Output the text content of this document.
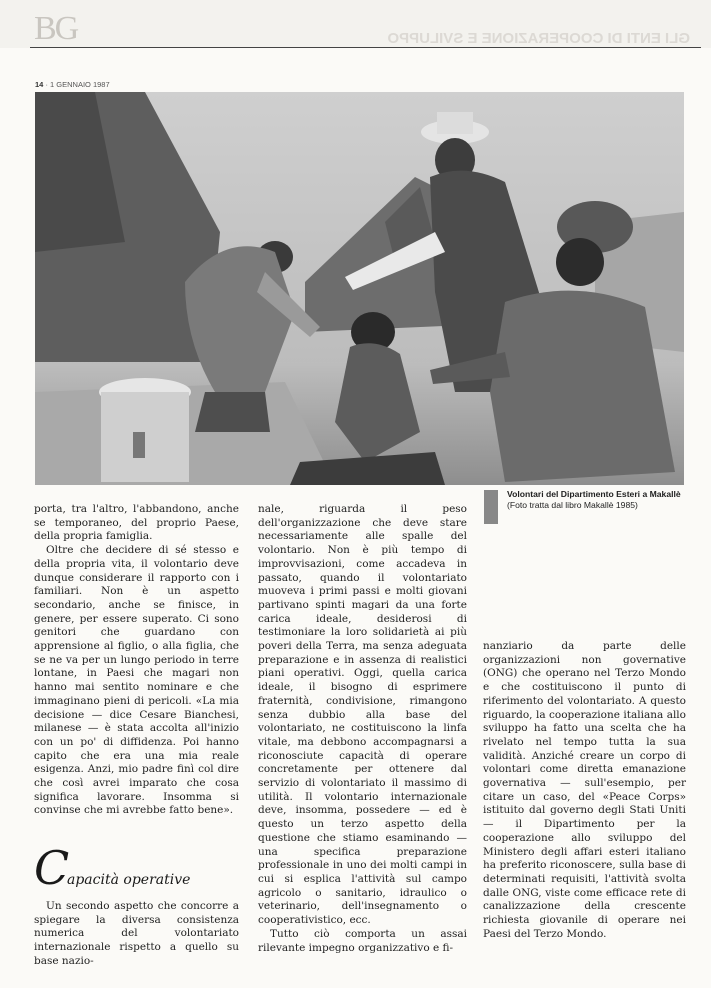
BG	GLI ENTI DI COOPERAZIONE E SVILUPPO
14 · 1 GENNAIO 1987
Volontari del Dipartimento Esteri a Makallè (Foto tratta dal libro Makallè 1985)

porta, tra l'altro, l'abbandono, anche se temporaneo, del proprio Paese, della propria famiglia.

Oltre che decidere di sé stesso e della propria vita, il volontario deve dunque considerare il rapporto con i familiari. Non è un aspetto secondario, anche se finisce, in genere, per essere superato. Ci sono genitori che guardano con apprensione al figlio, o alla figlia, che se ne va per un lungo periodo in terre lontane, in Paesi che magari non hanno mai sentito nominare e che immaginano pieni di pericoli. «La mia decisione — dice Cesare Bianchesi, milanese — è stata accolta all'inizio con un po' di diffidenza. Poi hanno capito che era una mia reale esigenza. Anzi, mio padre finì col dire che così avrei imparato che cosa significa lavorare. Insomma si convinse che mi avrebbe fatto bene».

C
apacità operative

Un secondo aspetto che concorre a spiegare la diversa consistenza numerica del volontariato internazionale rispetto a quello su base nazio-

nale, riguarda il peso dell'organizzazione che deve stare necessariamente alle spalle del volontario. Non è più tempo di improvvisazioni, come accadeva in passato, quando il volontariato muoveva i primi passi e molti giovani partivano spinti magari da una forte carica ideale, desiderosi di testimoniare la loro solidarietà ai più poveri della Terra, ma senza adeguata preparazione e in assenza di realistici piani operativi. Oggi, quella carica ideale, il bisogno di esprimere fraternità, condivisione, rimangono senza dubbio alla base del volontariato, ne costituiscono la linfa vitale, ma debbono accompagnarsi a riconosciute capacità di operare concretamente per ottenere dal servizio di volontariato il massimo di utilità. Il volontario internazionale deve, insomma, possedere — ed è questo un terzo aspetto della questione che stiamo esaminando — una specifica preparazione professionale in uno dei molti campi in cui si esplica l'attività sul campo agricolo o sanitario, idraulico o veterinario, dell'insegnamento o cooperativistico, ecc.

Tutto ciò comporta un assai rilevante impegno organizzativo e fi-

nanziario da parte delle organizzazioni non governative (ONG) che operano nel Terzo Mondo e che costituiscono il punto di riferimento del volontariato. A questo riguardo, la cooperazione italiana allo sviluppo ha fatto una scelta che ha rivelato nel tempo tutta la sua validità. Anziché creare un corpo di volontari come diretta emanazione governativa — sull'esempio, per citare un caso, del «Peace Corps» istituito dal governo degli Stati Uniti — il Dipartimento per la cooperazione allo sviluppo del Ministero degli affari esteri italiano ha preferito riconoscere, sulla base di determinati requisiti, l'attività svolta dalle ONG, viste come efficace rete di canalizzazione della crescente richiesta giovanile di operare nei Paesi del Terzo Mondo.
